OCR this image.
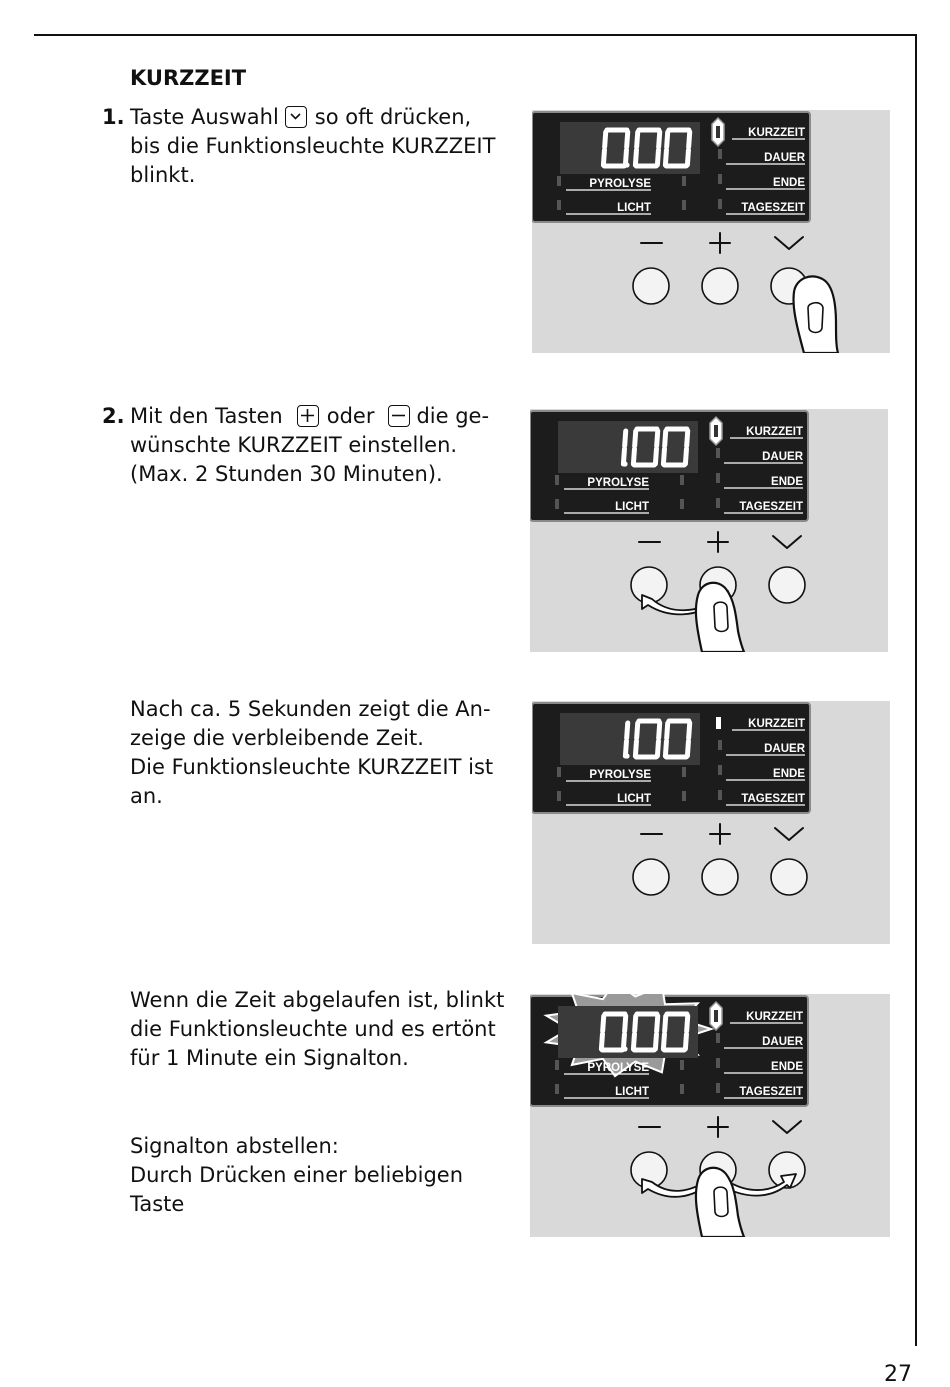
KURZZEIT
1. Taste Auswahl so oft drücken,
bis die Funktionsleuchte KURZZEIT
blinkt.
2. Mit den Tasten oder die ge-
wünschte KURZZEIT einstellen.
(Max. 2 Stunden 30 Minuten).
Nach ca. 5 Sekunden zeigt die An-
zeige die verbleibende Zeit.
Die Funktionsleuchte KURZZEIT ist
an.
Wenn die Zeit abgelaufen ist, blinkt
die Funktionsleuchte und es ertönt
für 1 Minute ein Signalton.
Signalton abstellen:
Durch Drücken einer beliebigen
Taste
KURZZEIT
DAUER
ENDE
TAGESZEIT
PYROLYSE
LICHT
KURZZEIT
DAUER
ENDE
TAGESZEIT
PYROLYSE
LICHT
KURZZEIT
DAUER
ENDE
TAGESZEIT
PYROLYSE
LICHT
KURZZEIT
DAUER
ENDE
TAGESZEIT
PYROLYSE
LICHT
27
